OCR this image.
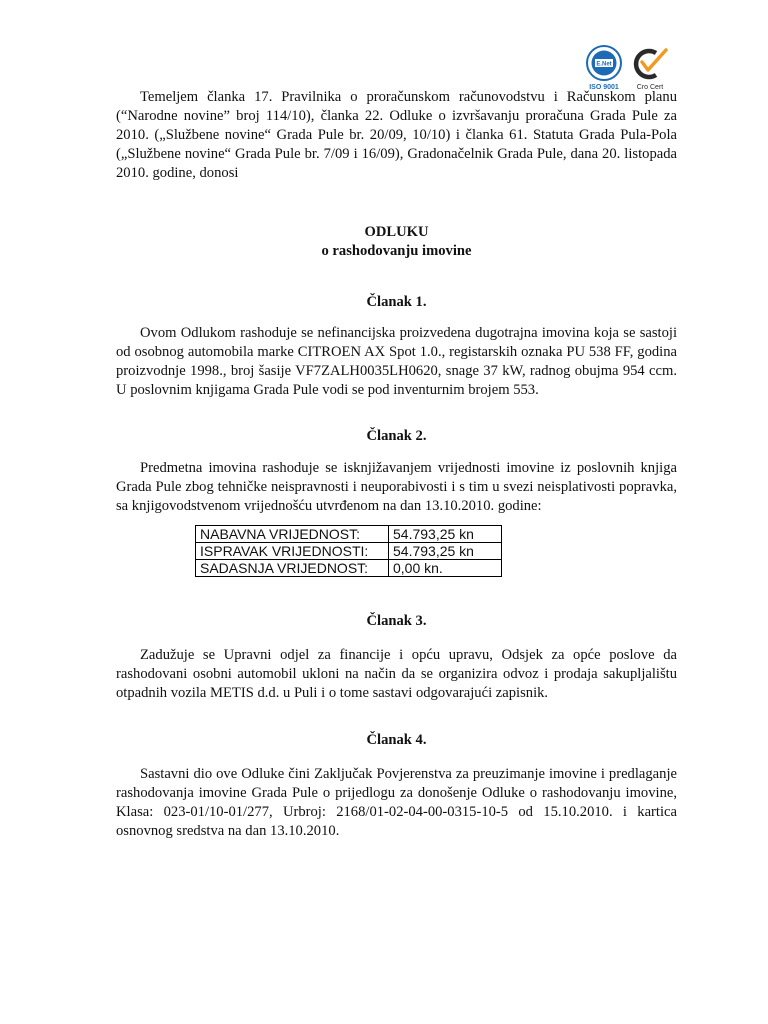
E.Net
ISO 9001	Cro Cert

Temeljem članka 17. Pravilnika o proračunskom računovodstvu i Računskom planu (“Narodne novine” broj 114/10), članka 22. Odluke o izvršavanju proračuna Grada Pule za 2010. („Službene novine“ Grada Pule br. 20/09, 10/10) i članka 61. Statuta Grada Pula-Pola („Službene novine“ Grada Pule br. 7/09 i 16/09), Gradonačelnik Grada Pule, dana 20. listopada 2010. godine, donosi

ODLUKU

o rashodovanju imovine

Članak 1.

Ovom Odlukom rashoduje se nefinancijska proizvedena dugotrajna imovina koja se sastoji od osobnog automobila marke CITROEN AX Spot 1.0., registarskih oznaka PU 538 FF, godina proizvodnje 1998., broj šasije VF7ZALH0035LH0620, snage 37 kW, radnog obujma 954 ccm. U poslovnim knjigama Grada Pule vodi se pod inventurnim brojem 553.

Članak 2.

Predmetna imovina rashoduje se isknjižavanjem vrijednosti imovine iz poslovnih knjiga Grada Pule zbog tehničke neispravnosti i neuporabivosti i s tim u svezi neisplativosti popravka, sa knjigovodstvenom vrijednošću utvrđenom na dan 13.10.2010. godine:

NABAVNA VRIJEDNOST:	54.793,25 kn
ISPRAVAK VRIJEDNOSTI:	54.793,25 kn
SADASNJA VRIJEDNOST:	0,00 kn.

Članak 3.

Zadužuje se Upravni odjel za financije i opću upravu, Odsjek za opće poslove da rashodovani osobni automobil ukloni na način da se organizira odvoz i prodaja sakupljalištu otpadnih vozila METIS d.d. u Puli i o tome sastavi odgovarajući zapisnik.

Članak 4.

Sastavni dio ove Odluke čini Zaključak Povjerenstva za preuzimanje imovine i predlaganje rashodovanja imovine Grada Pule o prijedlogu za donošenje Odluke o rashodovanju imovine, Klasa: 023-01/10-01/277, Urbroj: 2168/01-02-04-00-0315-10-5 od 15.10.2010. i kartica osnovnog sredstva na dan 13.10.2010.
